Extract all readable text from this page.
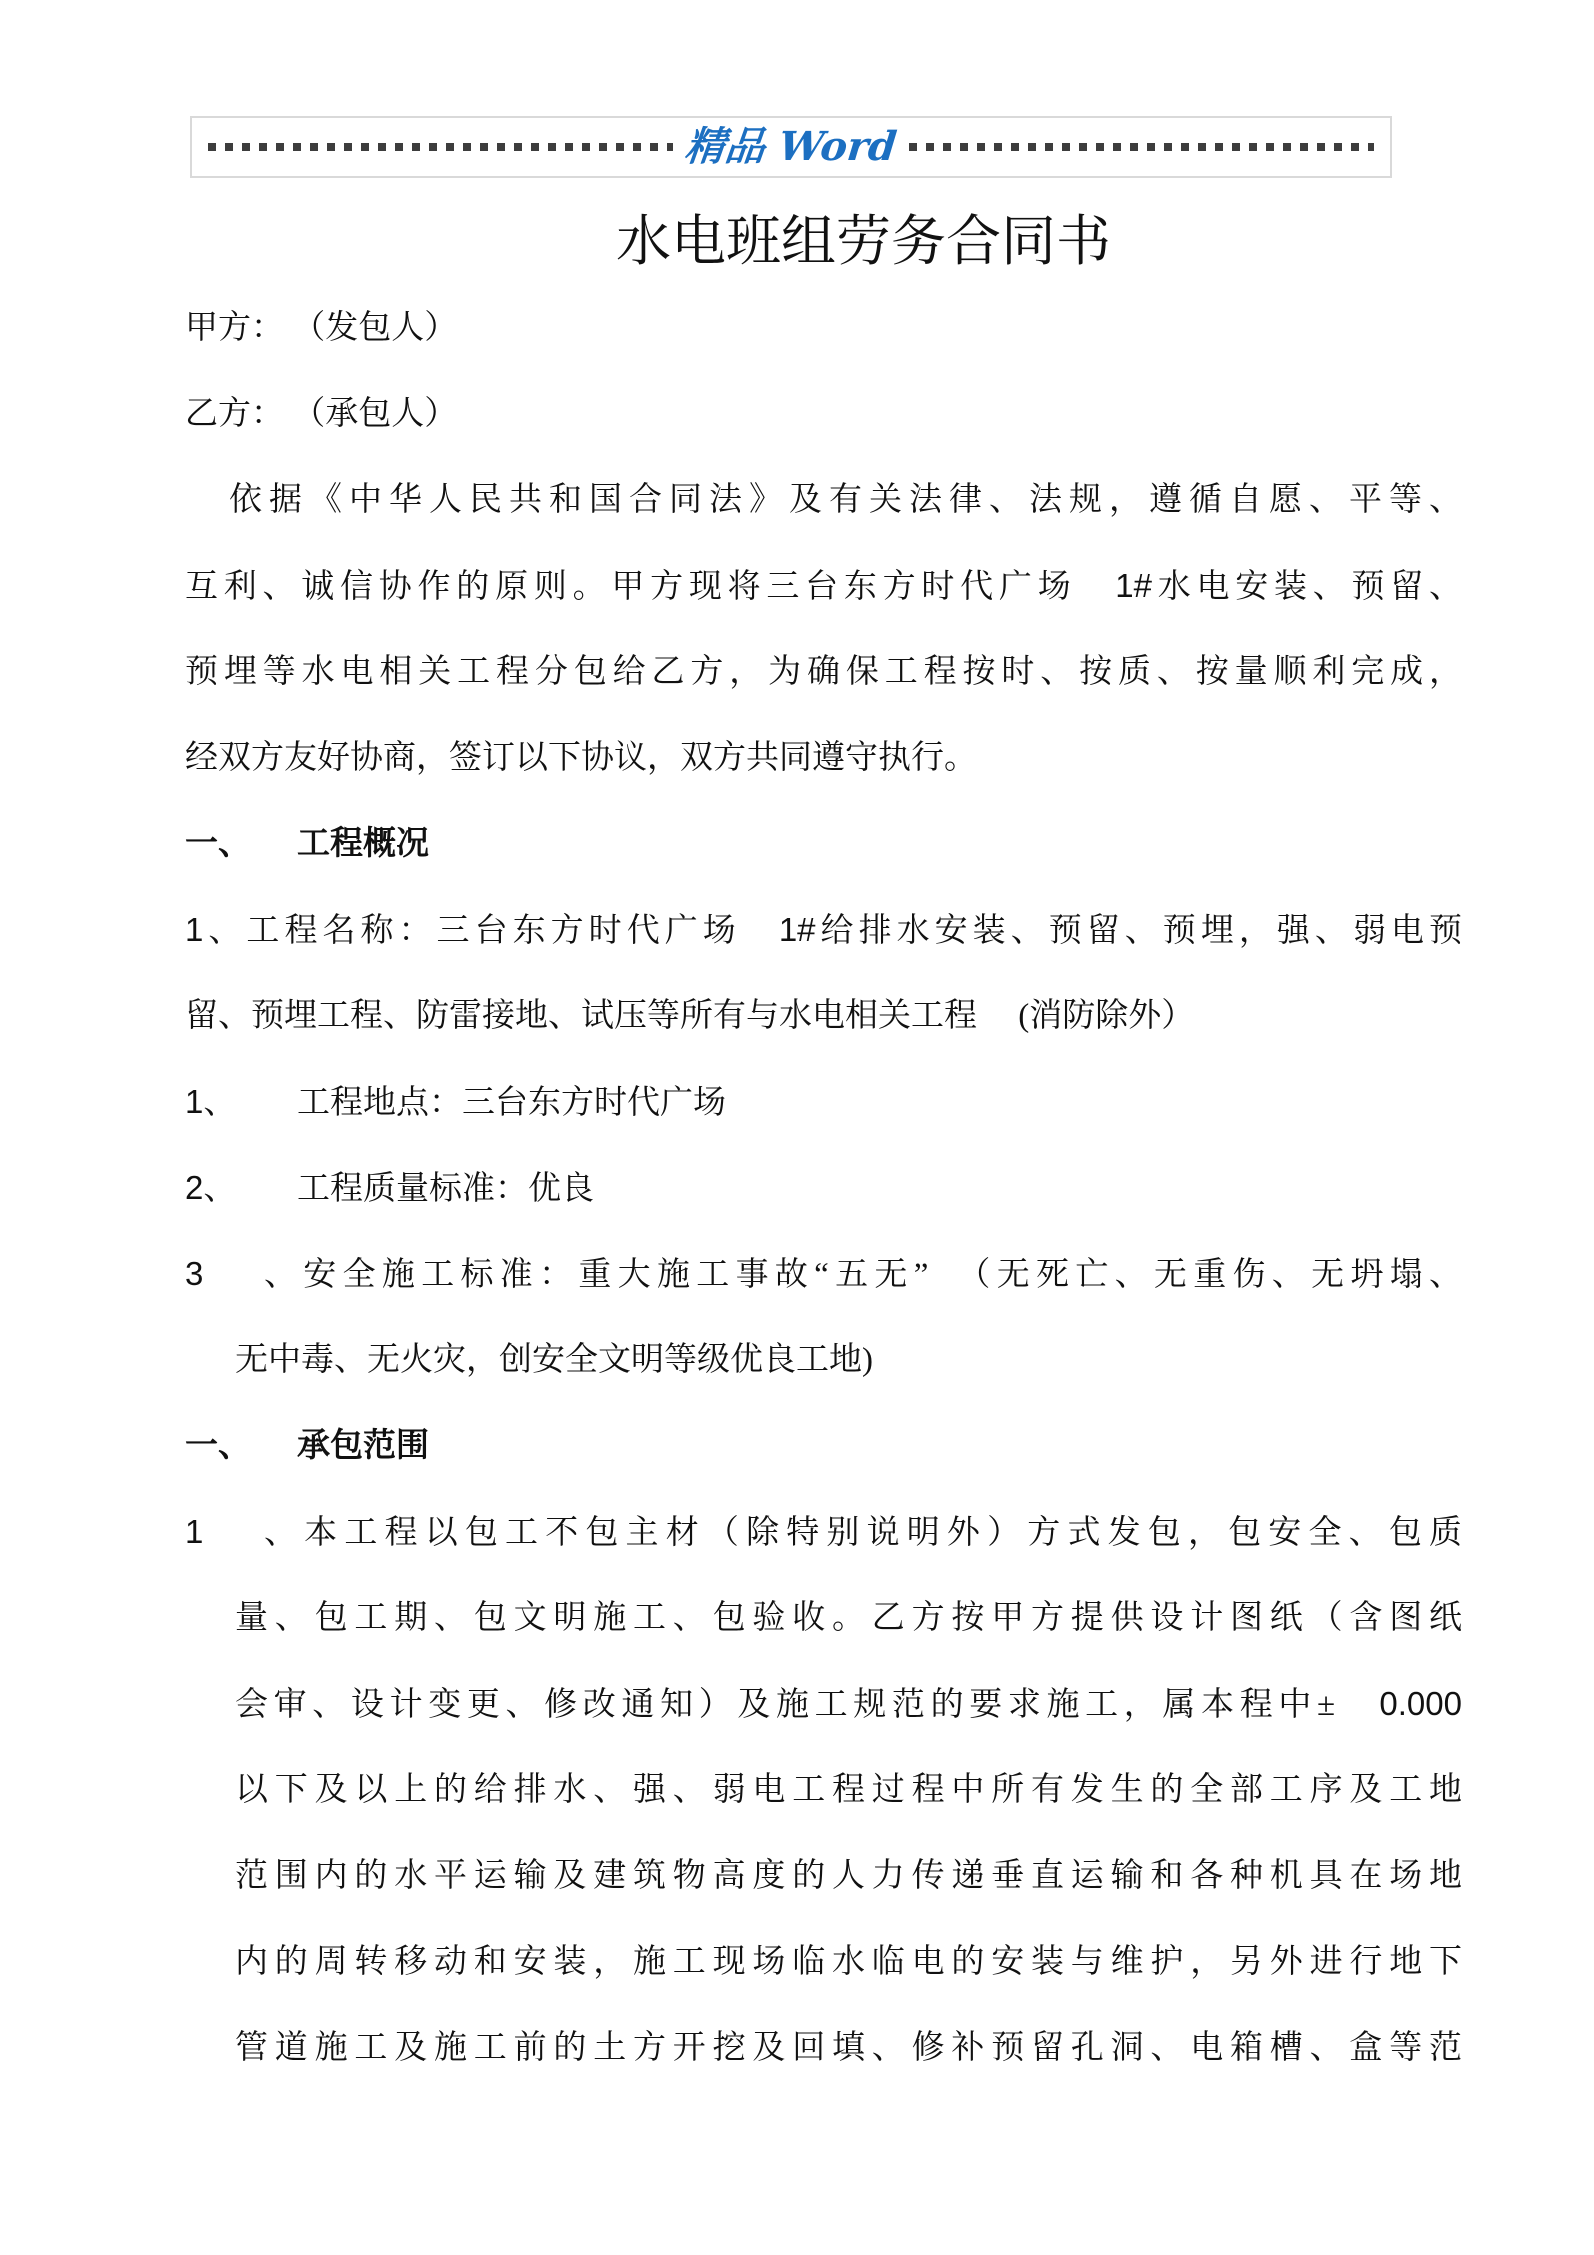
精品 Word
水电班组劳务合同书
甲方： （发包人）
乙方： （承包人）
依据《中华人民共和国合同法》及有关法律、法规，遵循自愿、平等、
互利、诚信协作的原则。甲方现将三台东方时代广场　1#水电安装、预留、
预埋等水电相关工程分包给乙方，为确保工程按时、按质、按量顺利完成，
经双方友好协商，签订以下协议，双方共同遵守执行。
一、 工程概况
1、工程名称：三台东方时代广场　1#给排水安装、预留、预埋，强、弱电预
留、预埋工程、防雷接地、试压等所有与水电相关工程　 (消防除外）
1、 工程地点：三台东方时代广场
2、 工程质量标准：优良
3、安全施工标准：重大施工事故“五无”　（无死亡、无重伤、无坍塌、
无中毒、无火灾，创安全文明等级优良工地)
一、 承包范围
1、本工程以包工不包主材（除特别说明外）方式发包，包安全、包质
量、包工期、包文明施工、包验收。乙方按甲方提供设计图纸（含图纸
会审、设计变更、修改通知）及施工规范的要求施工，属本程中±　0.000
以下及以上的给排水、强、弱电工程过程中所有发生的全部工序及工地
范围内的水平运输及建筑物高度的人力传递垂直运输和各种机具在场地
内的周转移动和安装，施工现场临水临电的安装与维护，另外进行地下
管道施工及施工前的土方开挖及回填、修补预留孔洞、电箱槽、盒等范
